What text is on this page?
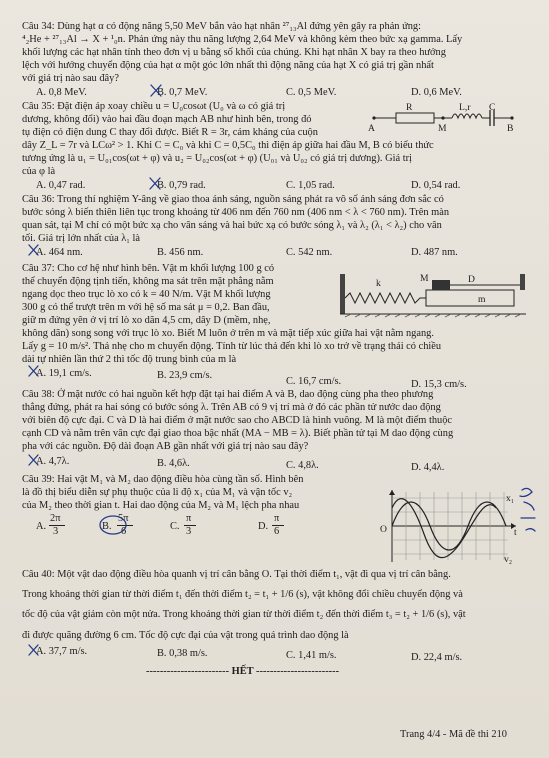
Câu 34: Dùng hạt α có động năng 5,50 MeV bắn vào hạt nhân ²⁷₁₃Al đứng yên gây ra phản ứng:
⁴₂He + ²⁷₁₃Al → X + ¹₀n. Phản ứng này thu năng lượng 2,64 MeV và không kèm theo bức xạ gamma. Lấy
khối lượng các hạt nhân tính theo đơn vị u bằng số khối của chúng. Khi hạt nhân X bay ra theo hướng
lệch với hướng chuyển động của hạt α một góc lớn nhất thì động năng của hạt X có giá trị gần nhất
với giá trị nào sau đây?
A. 0,8 MeV.	B. 0,7 MeV.	C. 0,5 MeV.	D. 0,6 MeV.
Câu 35: Đặt điện áp xoay chiều u = U₀cosωt (U₀ và ω có giá trị
dương, không đổi) vào hai đầu đoạn mạch AB như hình bên, trong đó
tụ điện có điện dung C thay đổi được. Biết R = 3r, cảm kháng của cuộn
dây Z_L = 7r và LCω² > 1. Khi C = C₀ và khi C = 0,5C₀ thì điện áp giữa hai đầu M, B có biểu thức
tương ứng là u₁ = U₀₁cos(ωt + φ) và u₂ = U₀₂cos(ωt + φ) (U₀₁ và U₀₂ có giá trị dương). Giá trị
của φ là
R	L,r C
A	M	B
A. 0,47 rad.	B. 0,79 rad.	C. 1,05 rad.	D. 0,54 rad.
Câu 36: Trong thí nghiệm Y-âng về giao thoa ánh sáng, nguồn sáng phát ra vô số ánh sáng đơn sắc có
bước sóng λ biến thiên liên tục trong khoảng từ 406 nm đến 760 nm (406 nm < λ < 760 nm). Trên màn
quan sát, tại M chỉ có một bức xạ cho vân sáng và hai bức xạ có bước sóng λ₁ và λ₂ (λ₁ < λ₂) cho vân
tối. Giá trị lớn nhất của λ₁ là
A. 464 nm.	B. 456 nm.	C. 542 nm.	D. 487 nm.
Câu 37: Cho cơ hệ như hình bên. Vật m khối lượng 100 g có
thể chuyển động tịnh tiến, không ma sát trên mặt phẳng nằm
ngang dọc theo trục lò xo có k = 40 N/m. Vật M khối lượng
300 g có thể trượt trên m với hệ số ma sát μ = 0,2. Ban đầu,
giữ m đứng yên ở vị trí lò xo dãn 4,5 cm, dây D (mềm, nhẹ,
không dãn) song song với trục lò xo. Biết M luôn ở trên m và mặt tiếp xúc giữa hai vật nằm ngang.
Lấy g = 10 m/s². Thả nhẹ cho m chuyển động. Tính từ lúc thả đến khi lò xo trở về trạng thái có chiều
dài tự nhiên lần thứ 2 thì tốc độ trung bình của m là
k	M	D
m
A. 19,1 cm/s.	B. 23,9 cm/s.
C. 16,7 cm/s.	D. 15,3 cm/s.
Câu 38: Ở mặt nước có hai nguồn kết hợp đặt tại hai điểm A và B, dao động cùng pha theo phương
thẳng đứng, phát ra hai sóng có bước sóng λ. Trên AB có 9 vị trí mà ở đó các phần tử nước dao động
với biên độ cực đại. C và D là hai điểm ở mặt nước sao cho ABCD là hình vuông. M là một điểm thuộc
cạnh CD và nằm trên vân cực đại giao thoa bậc nhất (MA − MB = λ). Biết phần tử tại M dao động cùng
pha với các nguồn. Độ dài đoạn AB gần nhất với giá trị nào sau đây?
A. 4,7λ.	B. 4,6λ.	C. 4,8λ.	D. 4,4λ.
Câu 39: Hai vật M₁ và M₂ dao động điều hòa cùng tần số. Hình bên
là đồ thị biểu diễn sự phụ thuộc của li độ x₁ của M₁ và vận tốc v₂
của M₂ theo thời gian t. Hai dao động của M₂ và M₁ lệch pha nhau
x₁
O	t
v₂
A.
2π
3	B.
5π
6	C.
π
3	D.
π
6
Câu 40: Một vật dao động điều hòa quanh vị trí cân bằng O. Tại thời điểm t₁, vật đi qua vị trí cân bằng.
Trong khoảng thời gian từ thời điểm t₁ đến thời điểm t₂ = t₁ + 1/6 (s), vật không đổi chiều chuyển động và
tốc độ của vật giảm còn một nửa. Trong khoảng thời gian từ thời điểm t₂ đến thời điểm t₃ = t₂ + 1/6 (s), vật
đi được quãng đường 6 cm. Tốc độ cực đại của vật trong quá trình dao động là
A. 37,7 m/s.	B. 0,38 m/s.	C. 1,41 m/s.	D. 22,4 m/s.
------------------------ HẾT ------------------------
Trang 4/4 - Mã đề thi 210
